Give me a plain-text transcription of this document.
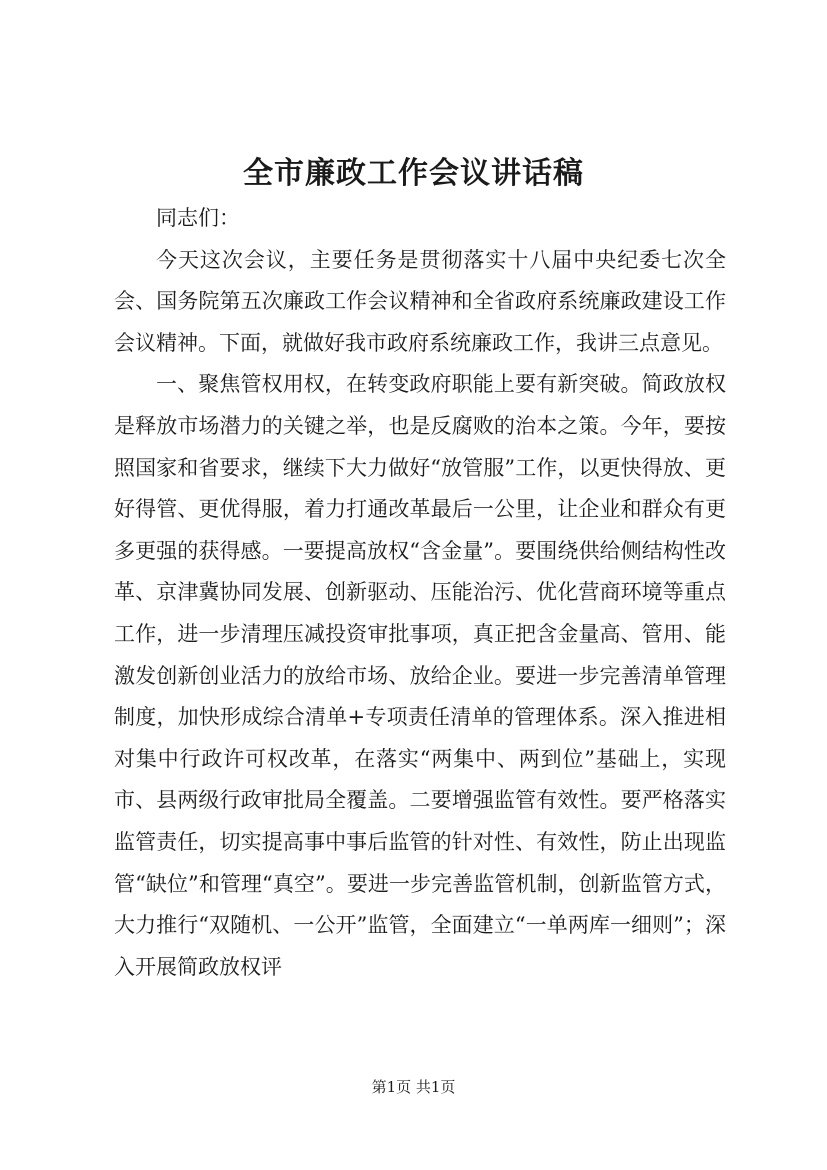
全市廉政工作会议讲话稿

同志们：

今天这次会议，主要任务是贯彻落实十八届中央纪委七次全会、国务院第五次廉政工作会议精神和全省政府系统廉政建设工作会议精神。下面，就做好我市政府系统廉政工作，我讲三点意见。

一、聚焦管权用权，在转变政府职能上要有新突破。简政放权是释放市场潜力的关键之举，也是反腐败的治本之策。今年，要按照国家和省要求，继续下大力做好“放管服”工作，以更快得放、更好得管、更优得服，着力打通改革最后一公里，让企业和群众有更多更强的获得感。一要提高放权“含金量”。要围绕供给侧结构性改革、京津冀协同发展、创新驱动、压能治污、优化营商环境等重点工作，进一步清理压减投资审批事项，真正把含金量高、管用、能激发创新创业活力的放给市场、放给企业。要进一步完善清单管理制度，加快形成综合清单+专项责任清单的管理体系。深入推进相对集中行政许可权改革，在落实“两集中、两到位”基础上，实现市、县两级行政审批局全覆盖。二要增强监管有效性。要严格落实监管责任，切实提高事中事后监管的针对性、有效性，防止出现监管“缺位”和管理“真空”。要进一步完善监管机制，创新监管方式，大力推行“双随机、一公开”监管，全面建立“一单两库一细则”；深入开展简政放权评

第1页 共1页
